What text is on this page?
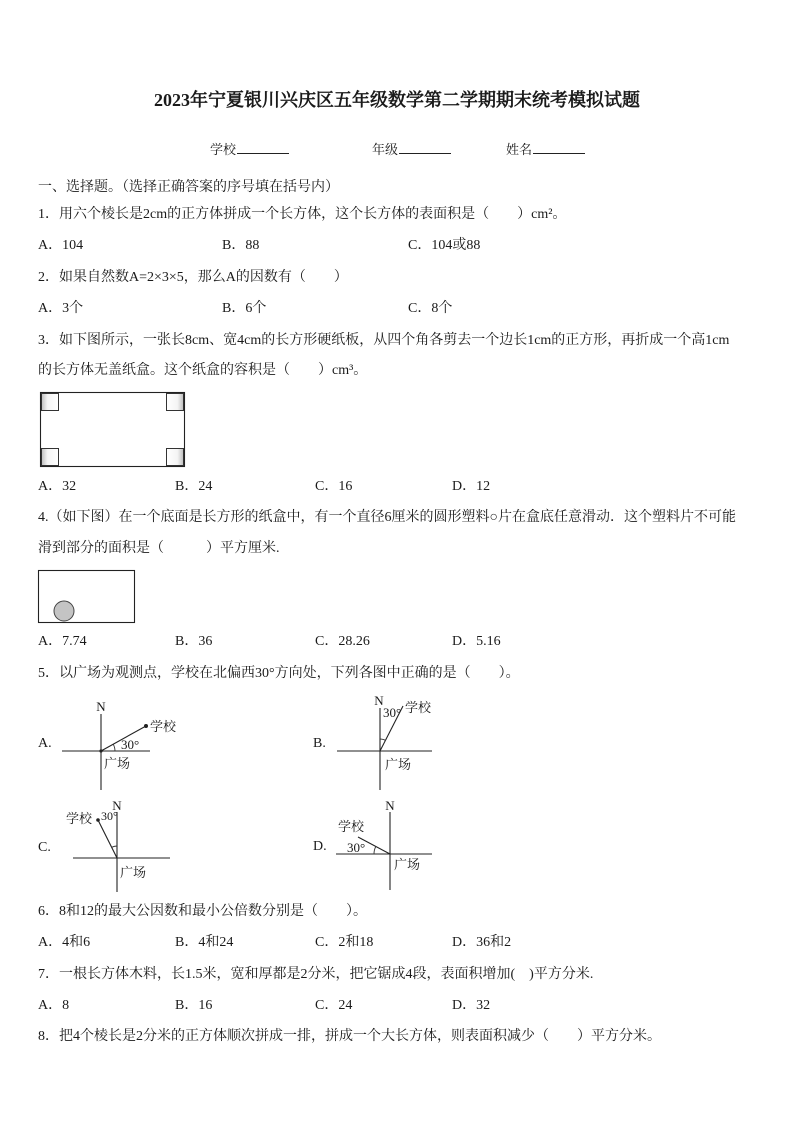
2023年宁夏银川兴庆区五年级数学第二学期期末统考模拟试题
学校	年级	姓名
一、选择题。（选择正确答案的序号填在括号内）
1．用六个棱长是2cm的正方体拼成一个长方体，这个长方体的表面积是（　　）cm²。
A．104	B．88	C．104或88
2．如果自然数A=2×3×5，那么A的因数有（　　）
A．3个	B．6个	C．8个
3．如下图所示，一张长8cm、宽4cm的长方形硬纸板，从四个角各剪去一个边长1cm的正方形，再折成一个高1cm
的长方体无盖纸盒。这个纸盒的容积是（　　）cm³。
A．32	B．24	C．16	D．12
4.（如下图）在一个底面是长方形的纸盒中，有一个直径6厘米的圆形塑料○片在盒底任意滑动．这个塑料片不可能
滑到部分的面积是（　　　）平方厘米.
A．7.74	B．36	C．28.26	D．5.16
5．以广场为观测点，学校在北偏西30°方向处，下列各图中正确的是（　　）。
6．8和12的最大公因数和最小公倍数分别是（　　）。
A．4和6	B．4和24	C．2和18	D．36和2
7．一根长方体木料，长1.5米，宽和厚都是2分米，把它锯成4段，表面积增加(　)平方分米.
A．8	B．16	C．24	D．32
8．把4个棱长是2分米的正方体顺次拼成一排，拼成一个大长方体，则表面积减少（　　）平方分米。
A.
N
学校
30°
广场
B.
N
30° 学校
广场
C.
N
学校 30°
广场
D.
N
学校
30°
广场
